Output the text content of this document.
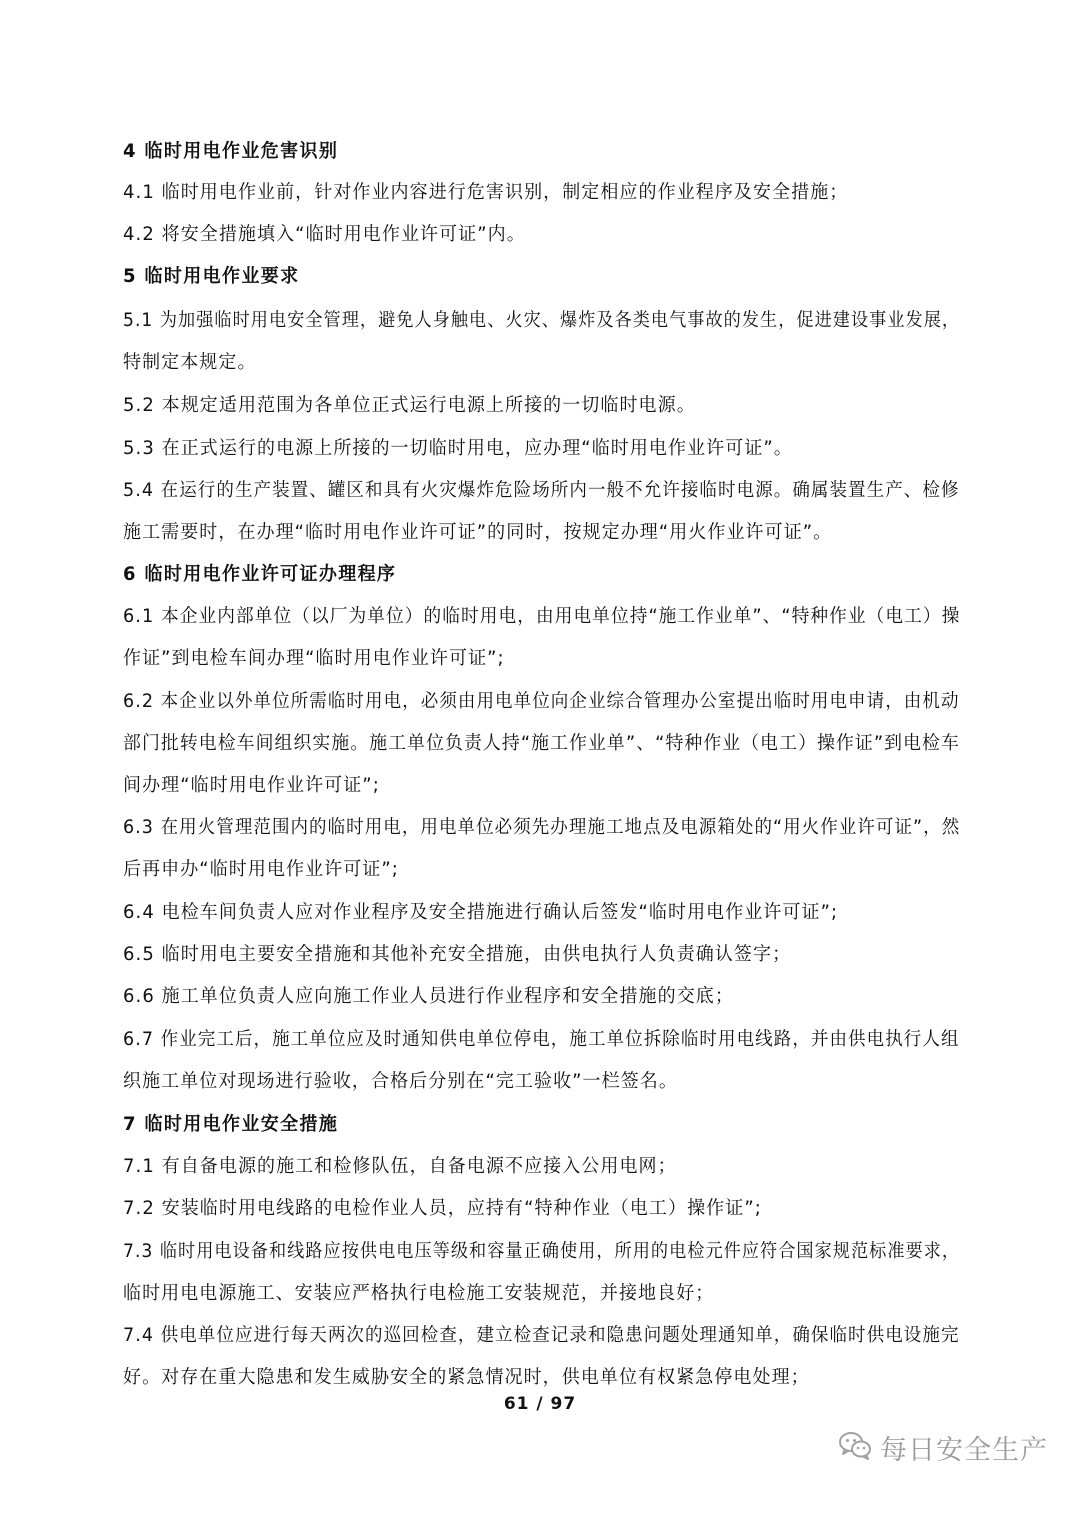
4 临时用电作业危害识别
4.1 临时用电作业前，针对作业内容进行危害识别，制定相应的作业程序及安全措施；
4.2 将安全措施填入“临时用电作业许可证”内。
5 临时用电作业要求
5.1 为加强临时用电安全管理，避免人身触电、火灾、爆炸及各类电气事故的发生，促进建设事业发展，
特制定本规定。
5.2 本规定适用范围为各单位正式运行电源上所接的一切临时电源。
5.3 在正式运行的电源上所接的一切临时用电，应办理“临时用电作业许可证”。
5.4 在运行的生产装置、罐区和具有火灾爆炸危险场所内一般不允许接临时电源。确属装置生产、检修
施工需要时，在办理“临时用电作业许可证”的同时，按规定办理“用火作业许可证”。
6 临时用电作业许可证办理程序
6.1 本企业内部单位（以厂为单位）的临时用电，由用电单位持“施工作业单”、“特种作业（电工）操
作证”到电检车间办理“临时用电作业许可证”;
6.2 本企业以外单位所需临时用电，必须由用电单位向企业综合管理办公室提出临时用电申请，由机动
部门批转电检车间组织实施。施工单位负责人持“施工作业单”、“特种作业（电工）操作证”到电检车
间办理“临时用电作业许可证”;
6.3 在用火管理范围内的临时用电，用电单位必须先办理施工地点及电源箱处的“用火作业许可证”，然
后再申办“临时用电作业许可证”;
6.4 电检车间负责人应对作业程序及安全措施进行确认后签发“临时用电作业许可证”;
6.5 临时用电主要安全措施和其他补充安全措施，由供电执行人负责确认签字；
6.6 施工单位负责人应向施工作业人员进行作业程序和安全措施的交底；
6.7 作业完工后，施工单位应及时通知供电单位停电，施工单位拆除临时用电线路，并由供电执行人组
织施工单位对现场进行验收，合格后分别在“完工验收”一栏签名。
7 临时用电作业安全措施
7.1 有自备电源的施工和检修队伍，自备电源不应接入公用电网；
7.2 安装临时用电线路的电检作业人员，应持有“特种作业（电工）操作证”;
7.3 临时用电设备和线路应按供电电压等级和容量正确使用，所用的电检元件应符合国家规范标准要求，
临时用电电源施工、安装应严格执行电检施工安装规范，并接地良好；
7.4 供电单位应进行每天两次的巡回检查，建立检查记录和隐患问题处理通知单，确保临时供电设施完
好。对存在重大隐患和发生威胁安全的紧急情况时，供电单位有权紧急停电处理；
61 / 97
每日安全生产
